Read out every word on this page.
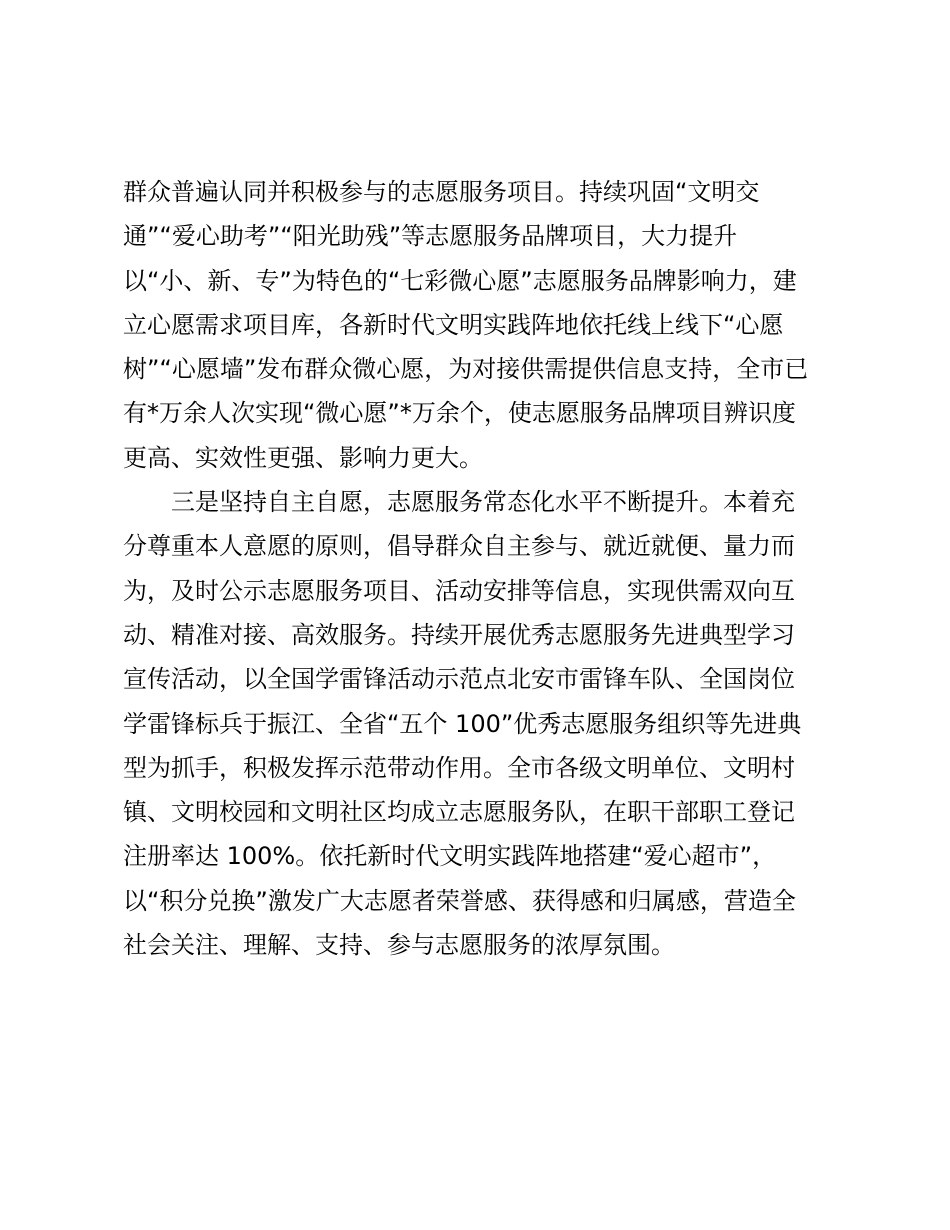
群众普遍认同并积极参与的志愿服务项目。持续巩固“文明交
通”“爱心助考”“阳光助残”等志愿服务品牌项目，大力提升
以“小、新、专”为特色的“七彩微心愿”志愿服务品牌影响力，建
立心愿需求项目库，各新时代文明实践阵地依托线上线下“心愿
树”“心愿墙”发布群众微心愿，为对接供需提供信息支持，全市已
有*万余人次实现“微心愿”*万余个，使志愿服务品牌项目辨识度
更高、实效性更强、影响力更大。
三是坚持自主自愿，志愿服务常态化水平不断提升。本着充
分尊重本人意愿的原则，倡导群众自主参与、就近就便、量力而
为，及时公示志愿服务项目、活动安排等信息，实现供需双向互
动、精准对接、高效服务。持续开展优秀志愿服务先进典型学习
宣传活动，以全国学雷锋活动示范点北安市雷锋车队、全国岗位
学雷锋标兵于振江、全省“五个 100”优秀志愿服务组织等先进典
型为抓手，积极发挥示范带动作用。全市各级文明单位、文明村
镇、文明校园和文明社区均成立志愿服务队，在职干部职工登记
注册率达 100%。依托新时代文明实践阵地搭建“爱心超市”，
以“积分兑换”激发广大志愿者荣誉感、获得感和归属感，营造全
社会关注、理解、支持、参与志愿服务的浓厚氛围。
